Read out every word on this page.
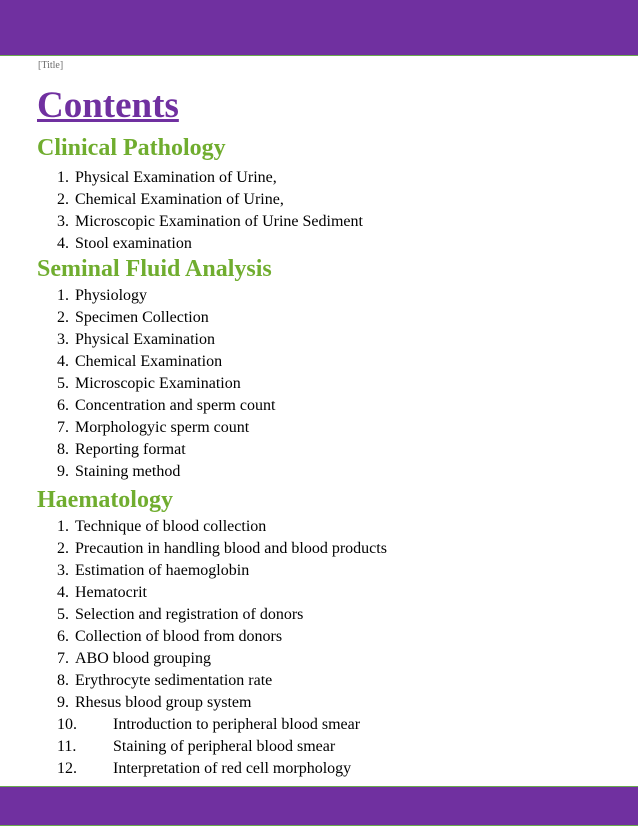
[Title]
Contents
Clinical Pathology
1. Physical Examination of Urine,
2. Chemical Examination of Urine,
3. Microscopic Examination of Urine Sediment
4. Stool examination
Seminal Fluid Analysis
1. Physiology
2. Specimen Collection
3. Physical Examination
4. Chemical Examination
5. Microscopic Examination
6. Concentration and sperm count
7. Morphologyic sperm count
8. Reporting format
9. Staining method
Haematology
1. Technique of blood collection
2. Precaution in handling blood and blood products
3. Estimation of haemoglobin
4. Hematocrit
5. Selection and registration of donors
6. Collection of blood from donors
7. ABO blood grouping
8. Erythrocyte sedimentation rate
9. Rhesus blood group system
10. Introduction to peripheral blood smear
11. Staining of peripheral blood smear
12. Interpretation of red cell morphology
